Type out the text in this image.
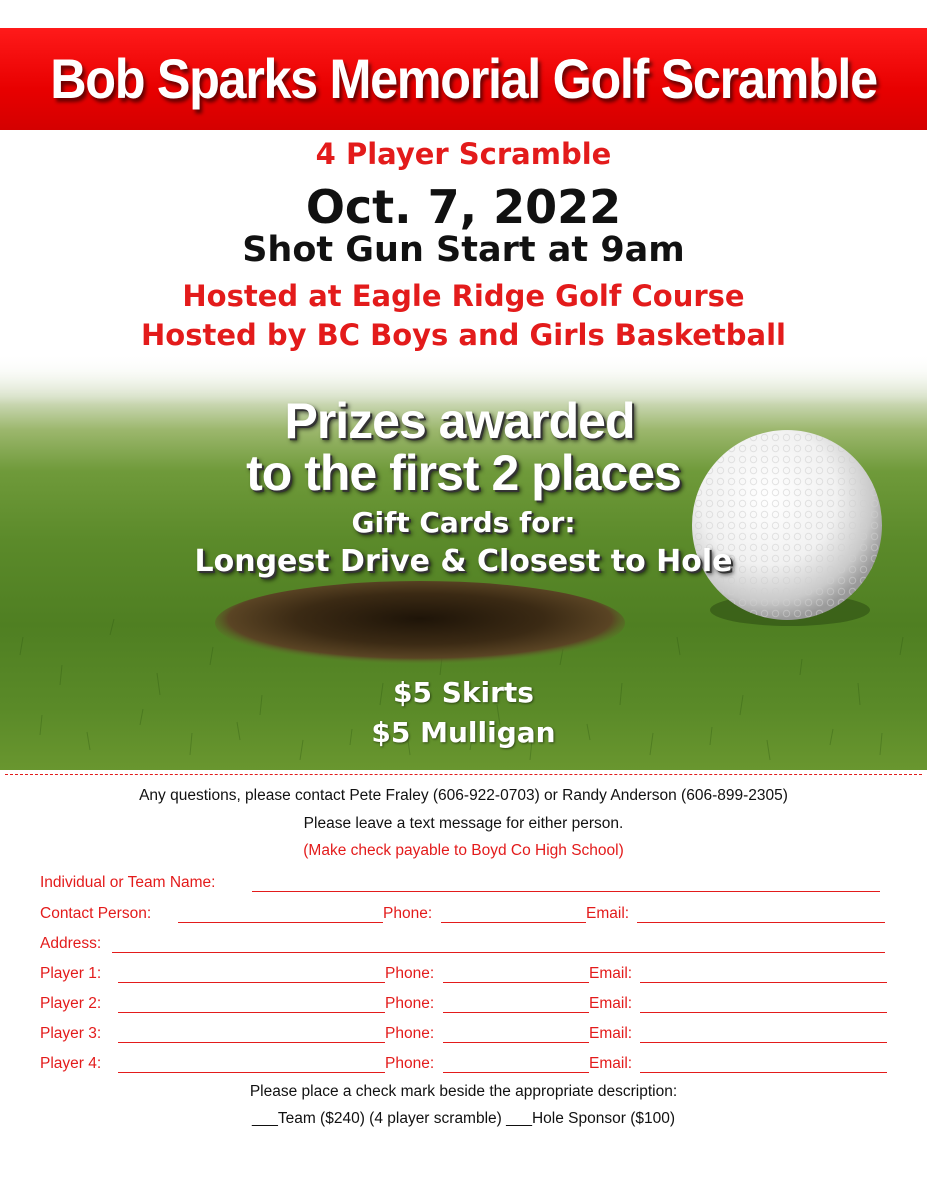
Bob Sparks Memorial Golf Scramble
4 Player Scramble
Oct. 7, 2022
Shot Gun Start at 9am
Hosted at Eagle Ridge Golf Course
Hosted by BC Boys and Girls Basketball
Prizes awarded
to the first 2 places
Gift Cards for:
Longest Drive & Closest to Hole
$5 Skirts
$5 Mulligan
Any questions, please contact Pete Fraley (606-922-0703) or Randy Anderson (606-899-2305)
Please leave a text message for either person.
(Make check payable to Boyd Co High School)
Individual or Team Name:
Contact Person:	Phone:	Email:
Address:
Player 1:	Phone:	Email:
Player 2:	Phone:	Email:
Player 3:	Phone:	Email:
Player 4:	Phone:	Email:
Please place a check mark beside the appropriate description:
___Team ($240) (4 player scramble) ___Hole Sponsor ($100)
